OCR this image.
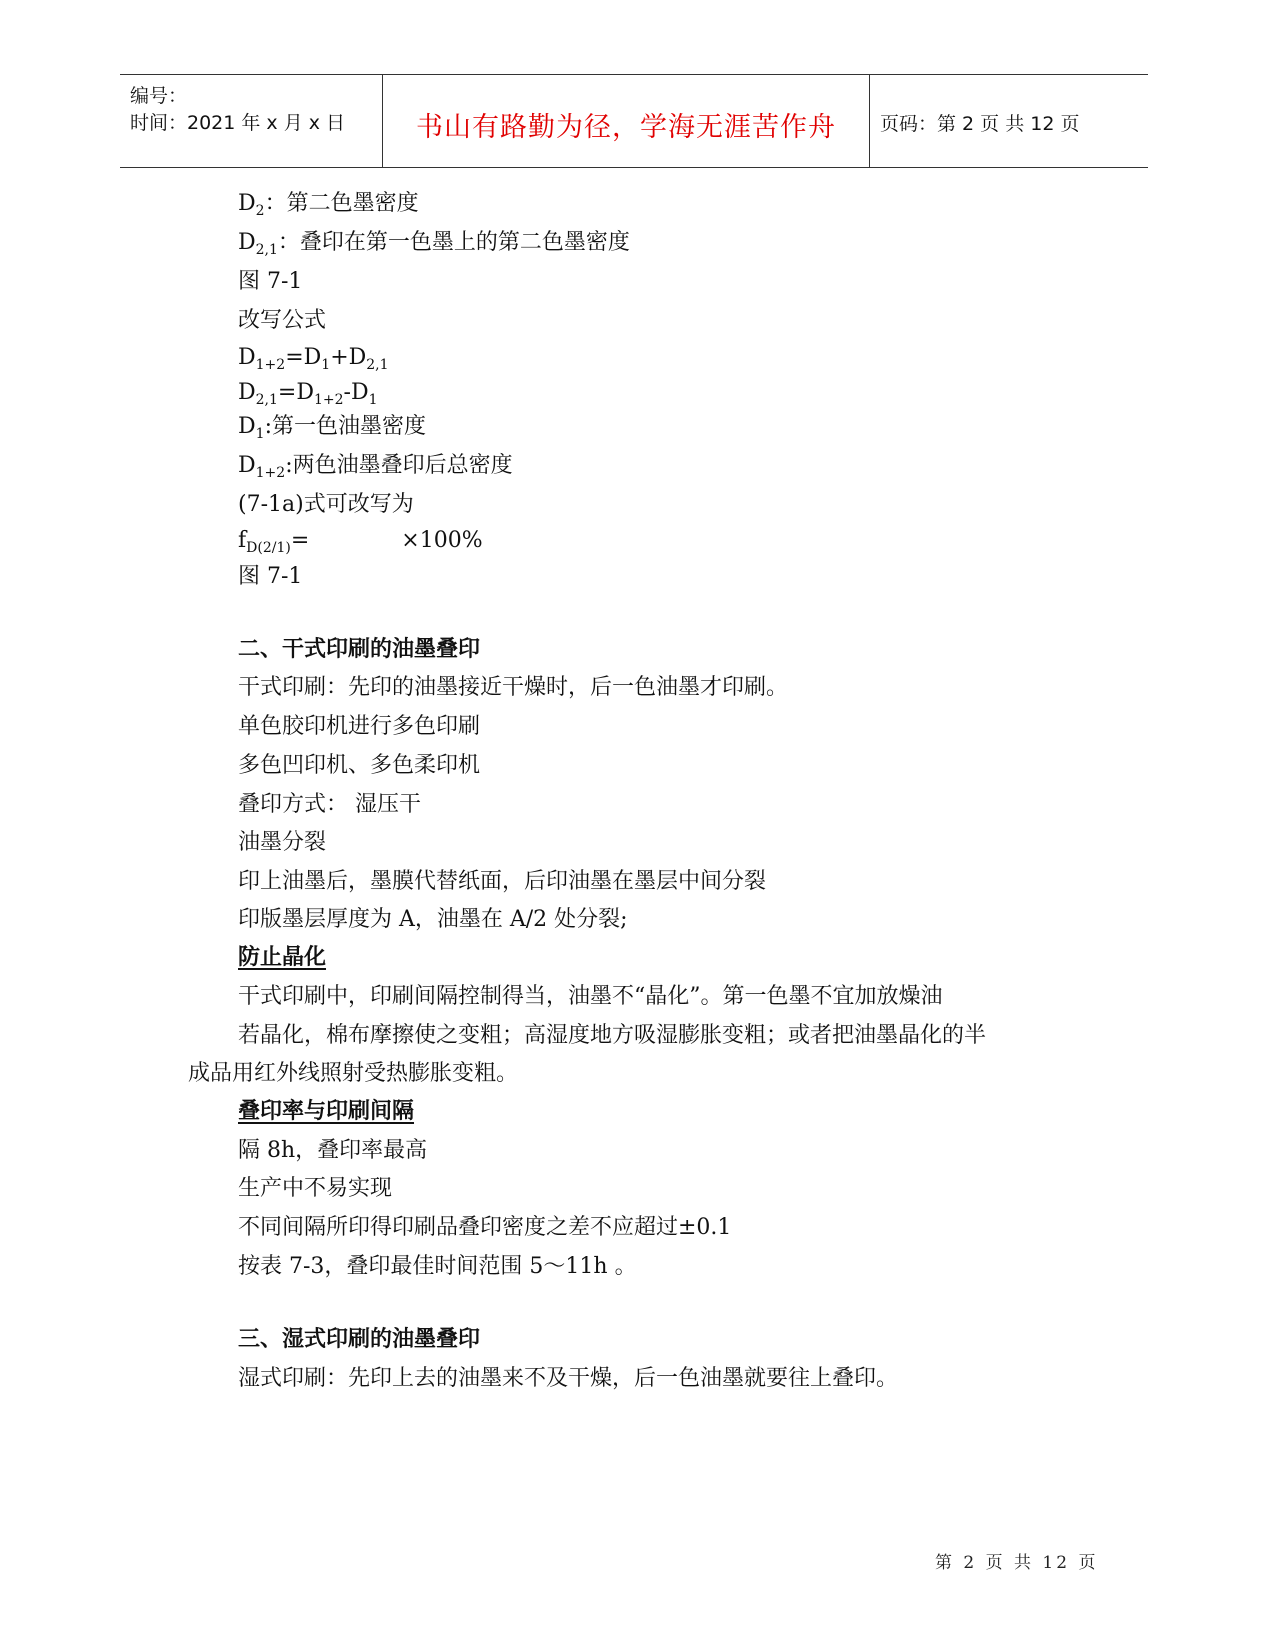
编号：
时间：2021 年 x 月 x 日	书山有路勤为径，学海无涯苦作舟	页码：第 2 页 共 12 页
$D_2$：第二色墨密度
$D_{2,1}$：叠印在第一色墨上的第二色墨密度
图 7-1
改写公式
$D_{1+2}=D_1+D_{2,1}$
$D_{2,1}=D_{1+2}-D_1$
$D_1$:第一色油墨密度
$D_{1+2}$:两色油墨叠印后总密度
(7-1a)式可改写为
$f_{D(2/1)}=$	×100%
图 7-1
二、干式印刷的油墨叠印
干式印刷：先印的油墨接近干燥时，后一色油墨才印刷。
单色胶印机进行多色印刷
多色凹印机、多色柔印机
叠印方式： 湿压干
油墨分裂
印上油墨后，墨膜代替纸面，后印油墨在墨层中间分裂
印版墨层厚度为 A，油墨在 A/2 处分裂;
防止晶化
干式印刷中，印刷间隔控制得当，油墨不“晶化”。第一色墨不宜加放燥油
若晶化，棉布摩擦使之变粗；高湿度地方吸湿膨胀变粗；或者把油墨晶化的半
成品用红外线照射受热膨胀变粗。
叠印率与印刷间隔
隔 8h，叠印率最高
生产中不易实现
不同间隔所印得印刷品叠印密度之差不应超过±0.1
按表 7-3，叠印最佳时间范围 5～11h 。
三、湿式印刷的油墨叠印
湿式印刷：先印上去的油墨来不及干燥，后一色油墨就要往上叠印。
第 2 页 共 12 页
